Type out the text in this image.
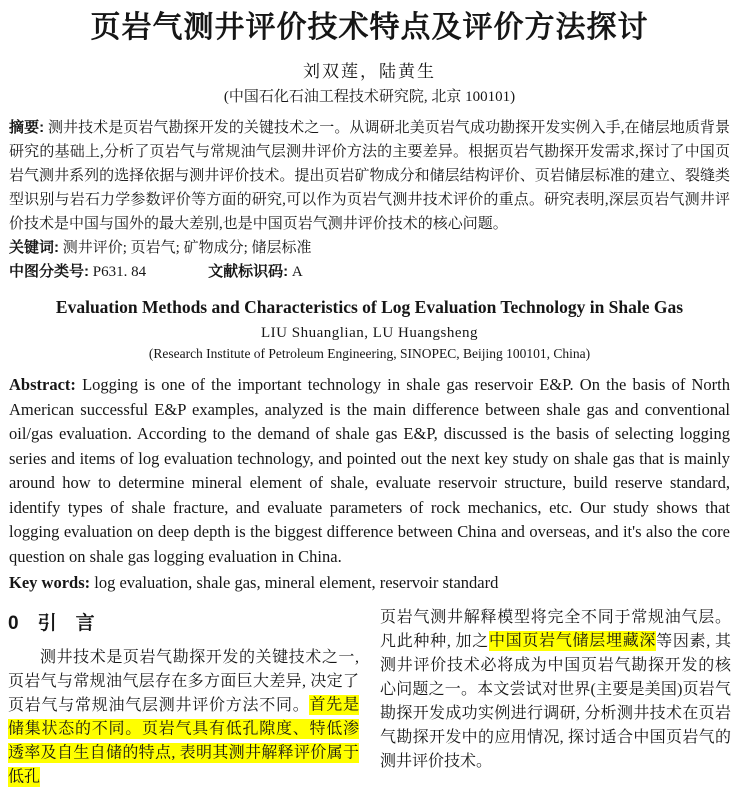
页岩气测井评价技术特点及评价方法探讨
刘双莲，陆黄生
(中国石化石油工程技术研究院, 北京 100101)

摘要: 测井技术是页岩气勘探开发的关键技术之一。从调研北美页岩气成功勘探开发实例入手,在储层地质背景研究的基础上,分析了页岩气与常规油气层测井评价方法的主要差异。根据页岩气勘探开发需求,探讨了中国页岩气测井系列的选择依据与测井评价技术。提出页岩矿物成分和储层结构评价、页岩储层标准的建立、裂缝类型识别与岩石力学参数评价等方面的研究,可以作为页岩气测井技术评价的重点。研究表明,深层页岩气测井评价技术是中国与国外的最大差别,也是中国页岩气测井评价技术的核心问题。

关键词: 测井评价; 页岩气; 矿物成分; 储层标准

中图分类号: P631. 84	文献标识码: A

Evaluation Methods and Characteristics of Log Evaluation Technology in Shale Gas
LIU Shuanglian, LU Huangsheng
(Research Institute of Petroleum Engineering, SINOPEC, Beijing 100101, China)

Abstract: Logging is one of the important technology in shale gas reservoir E&P. On the basis of North American successful E&P examples, analyzed is the main difference between shale gas and conventional oil/gas evaluation. According to the demand of shale gas E&P, discussed is the basis of selecting logging series and items of log evaluation technology, and pointed out the next key study on shale gas that is mainly around how to determine mineral element of shale, evaluate reservoir structure, build reserve standard, identify types of shale fracture, and evaluate parameters of rock mechanics, etc. Our study shows that logging evaluation on deep depth is the biggest difference between China and overseas, and it's also the core question on shale gas logging evaluation in China.

Key words: log evaluation, shale gas, mineral element, reservoir standard

0　引　言

测井技术是页岩气勘探开发的关键技术之一,页岩气与常规油气层存在多方面巨大差异, 决定了页岩气与常规油气层测井评价方法不同。首先是储集状态的不同。页岩气具有低孔隙度、特低渗透率及自生自储的特点, 表明其测井解释评价属于低孔

页岩气测井解释模型将完全不同于常规油气层。凡此种种, 加之中国页岩气储层埋藏深等因素, 其测井评价技术必将成为中国页岩气勘探开发的核心问题之一。本文尝试对世界(主要是美国)页岩气勘探开发成功实例进行调研, 分析测井技术在页岩气勘探开发中的应用情况, 探讨适合中国页岩气的测井评价技术。
